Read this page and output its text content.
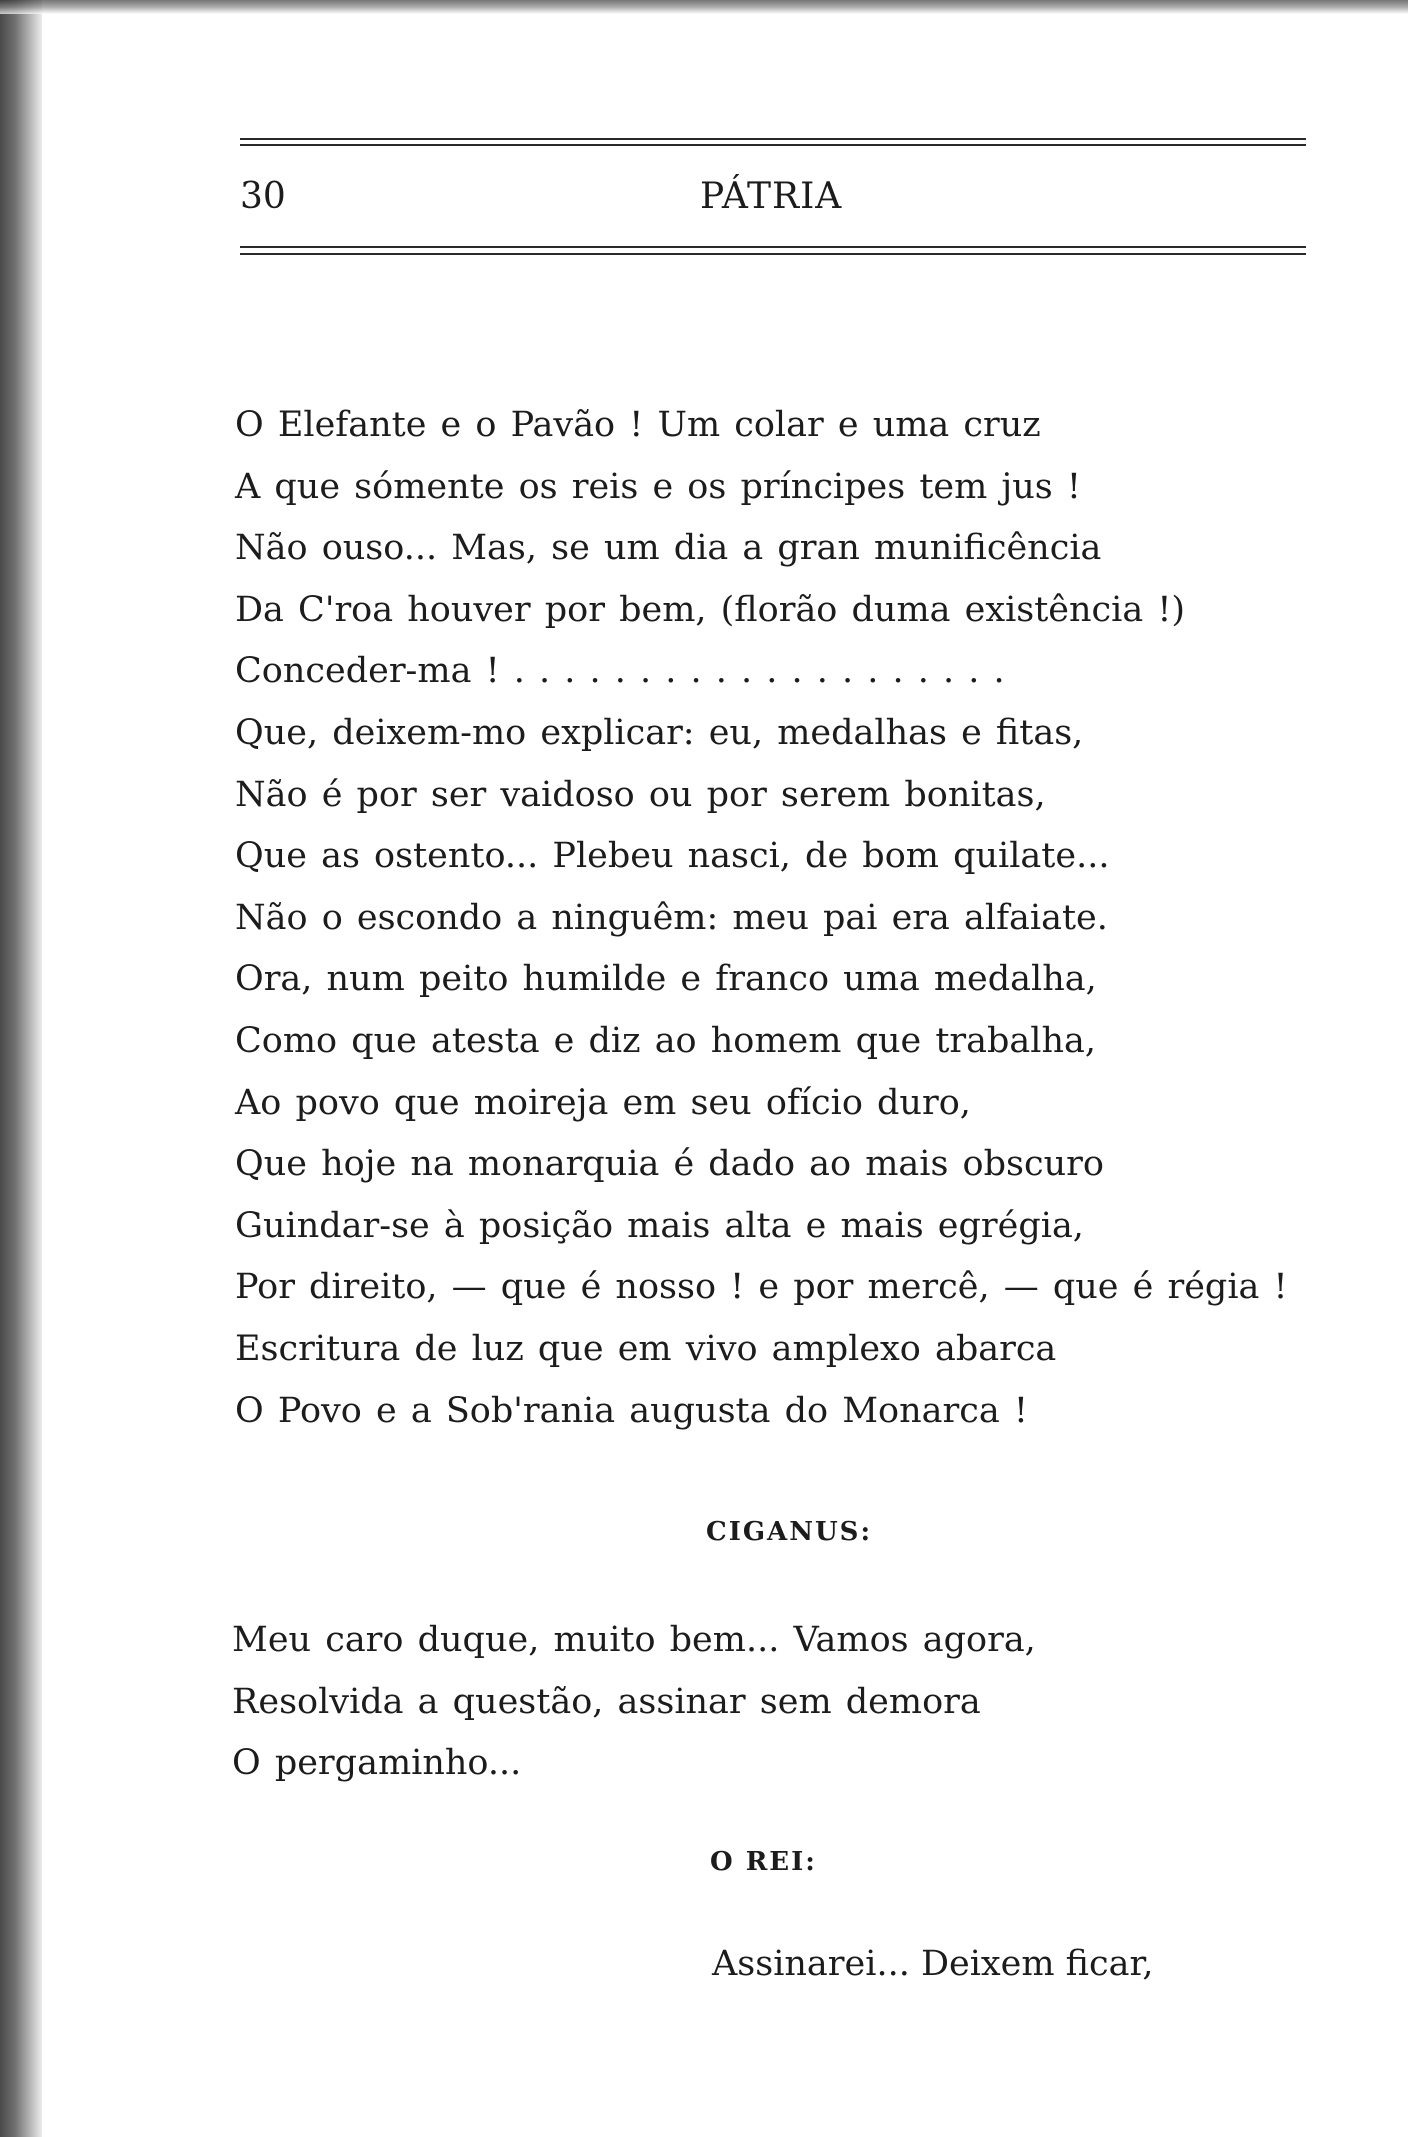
30	PÁTRIA
O Elefante e o Pavão ! Um colar e uma cruz
A que sómente os reis e os príncipes tem jus !
Não ouso... Mas, se um dia a gran munificência
Da C'roa houver por bem, (florão duma existência !)
Conceder-ma ! . . . . . . . . . . . . . . . . . . . .
Que, deixem-mo explicar: eu, medalhas e fitas,
Não é por ser vaidoso ou por serem bonitas,
Que as ostento... Plebeu nasci, de bom quilate...
Não o escondo a ninguêm: meu pai era alfaiate.
Ora, num peito humilde e franco uma medalha,
Como que atesta e diz ao homem que trabalha,
Ao povo que moireja em seu ofício duro,
Que hoje na monarquia é dado ao mais obscuro
Guindar-se à posição mais alta e mais egrégia,
Por direito, — que é nosso ! e por mercê, — que é régia !
Escritura de luz que em vivo amplexo abarca
O Povo e a Sob'rania augusta do Monarca !
CIGANUS:
Meu caro duque, muito bem... Vamos agora,
Resolvida a questão, assinar sem demora
O pergaminho...
O REI:
Assinarei... Deixem ficar,
